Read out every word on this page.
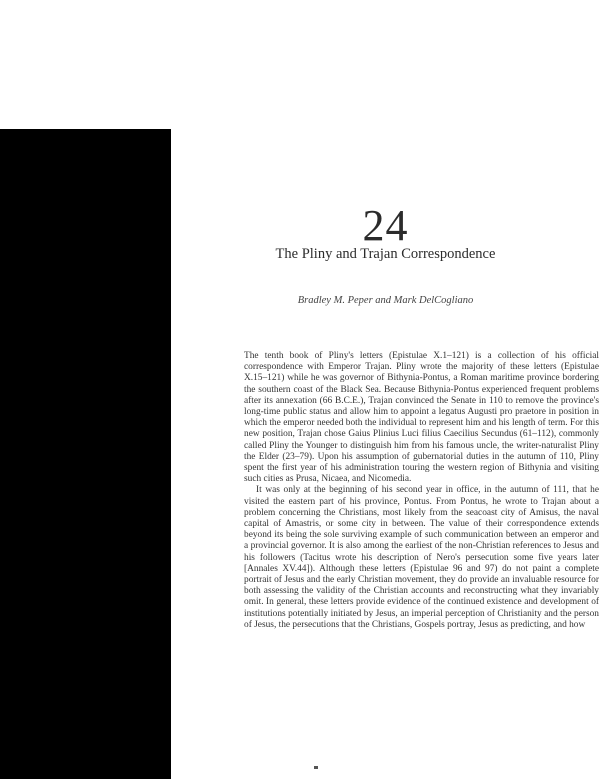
24
The Pliny and Trajan Correspondence
Bradley M. Peper and Mark DelCogliano

The tenth book of Pliny's letters (Epistulae X.1–121) is a collection of his official correspondence with Emperor Trajan. Pliny wrote the majority of these letters (Epistulae X.15–121) while he was governor of Bithynia-Pontus, a Roman maritime province bordering the southern coast of the Black Sea. Because Bithynia-Pontus experienced frequent problems after its annexation (66 B.C.E.), Trajan convinced the Senate in 110 to remove the province's long-time public status and allow him to appoint a legatus Augusti pro praetore in position in which the emperor needed both the individual to represent him and his length of term. For this new position, Trajan chose Gaius Plinius Luci filius Caecilius Secundus (61–112), commonly called Pliny the Younger to distinguish him from his famous uncle, the writer-naturalist Pliny the Elder (23–79). Upon his assumption of gubernatorial duties in the autumn of 110, Pliny spent the first year of his administration touring the western region of Bithynia and visiting such cities as Prusa, Nicaea, and Nicomedia.

It was only at the beginning of his second year in office, in the autumn of 111, that he visited the eastern part of his province, Pontus. From Pontus, he wrote to Trajan about a problem concerning the Christians, most likely from the seacoast city of Amisus, the naval capital of Amastris, or some city in between. The value of their correspondence extends beyond its being the sole surviving example of such communication between an emperor and a provincial governor. It is also among the earliest of the non-Christian references to Jesus and his followers (Tacitus wrote his description of Nero's persecution some five years later [Annales XV.44]). Although these letters (Epistulae 96 and 97) do not paint a complete portrait of Jesus and the early Christian movement, they do provide an invaluable resource for both assessing the validity of the Christian accounts and reconstructing what they invariably omit. In general, these letters provide evidence of the continued existence and development of institutions potentially initiated by Jesus, an imperial perception of Christianity and the person of Jesus, the persecutions that the Christians, Gospels portray, Jesus as predicting, and how
